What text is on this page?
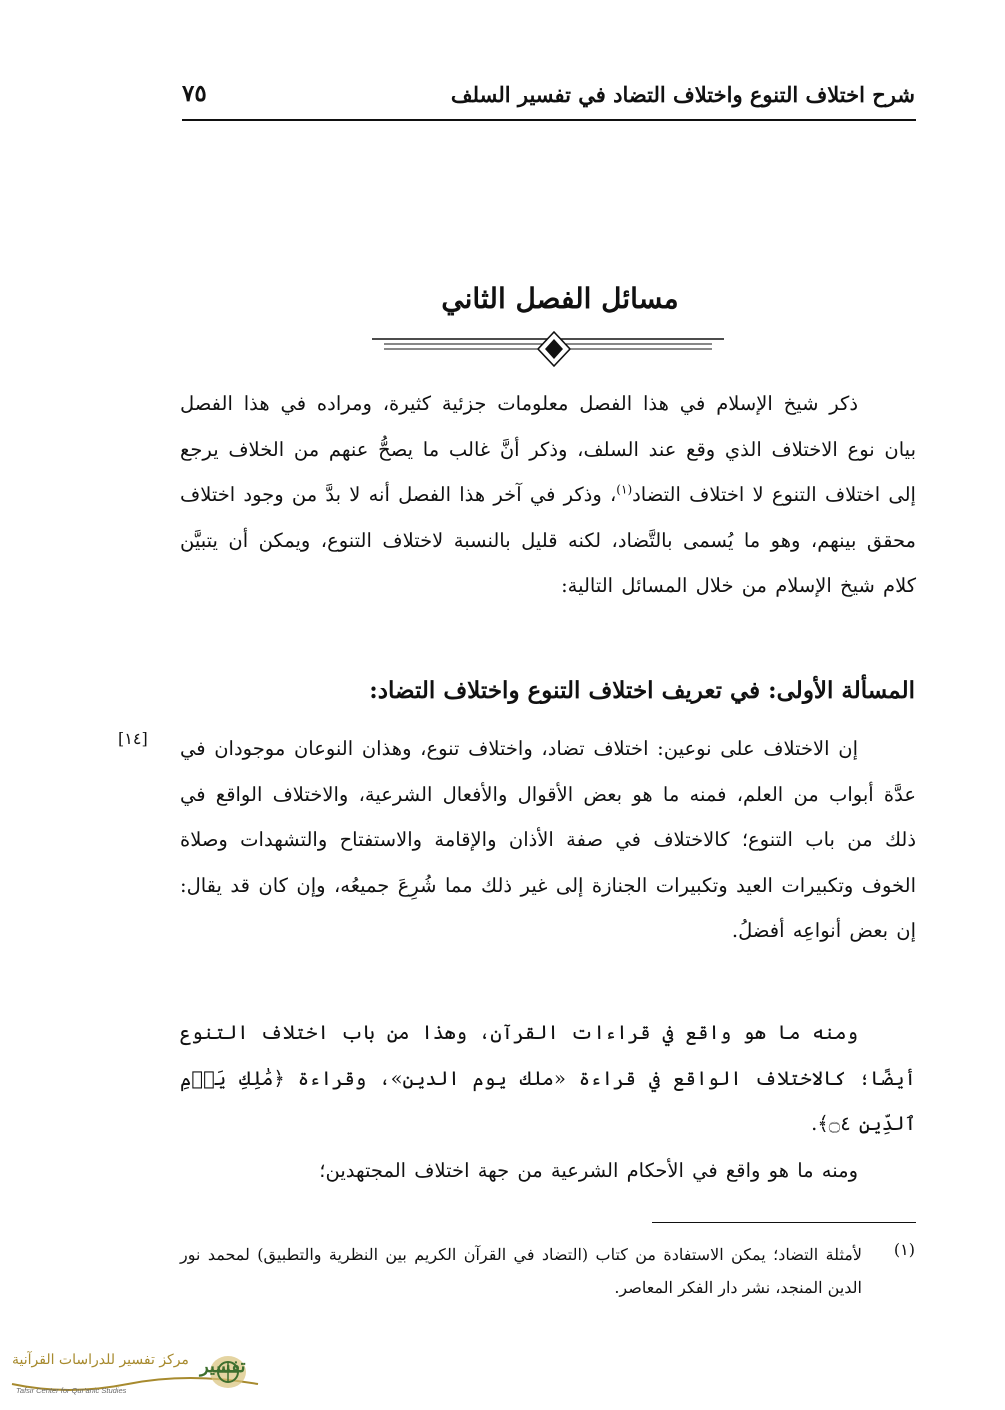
شرح اختلاف التنوع واختلاف التضاد في تفسير السلف
٧٥
مسائل الفصل الثاني
ذكر شيخ الإسلام في هذا الفصل معلومات جزئية كثيرة، ومراده في هذا الفصل بيان نوع الاختلاف الذي وقع عند السلف، وذكر أنَّ غالب ما يصحُّ عنهم من الخلاف يرجع إلى اختلاف التنوع لا اختلاف التضاد$^{(١)}$، وذكر في آخر هذا الفصل أنه لا بدَّ من وجود اختلاف محقق بينهم، وهو ما يُسمى بالتَّضاد، لكنه قليل بالنسبة لاختلاف التنوع، ويمكن أن يتبيَّن كلام شيخ الإسلام من خلال المسائل التالية:
المسألة الأولى: في تعريف اختلاف التنوع واختلاف التضاد:
[١٤] إن الاختلاف على نوعين: اختلاف تضاد، واختلاف تنوع، وهذان النوعان موجودان في عدَّة أبواب من العلم، فمنه ما هو بعض الأقوال والأفعال الشرعية، والاختلاف الواقع في ذلك من باب التنوع؛ كالاختلاف في صفة الأذان والإقامة والاستفتاح والتشهدات وصلاة الخوف وتكبيرات العيد وتكبيرات الجنازة إلى غير ذلك مما شُرِعَ جميعُه، وإن كان قد يقال: إن بعض أنواعِه أفضلُ.
ومنه ما هو واقع في قراءات القرآن، وهذا من باب اختلاف التنوع أيضًا؛ كالاختلاف الواقع في قراءة «ملك يوم الدين»، وقراءة ﴿مَٰلِكِ يَوۡمِ ٱلدِّينِ ۝٤﴾.
ومنه ما هو واقع في الأحكام الشرعية من جهة اختلاف المجتهدين؛
(١)
لأمثلة التضاد؛ يمكن الاستفادة من كتاب (التضاد في القرآن الكريم بين النظرية والتطبيق) لمحمد نور الدين المنجد، نشر دار الفكر المعاصر.
مركز تفسير للدراسات القرآنية تفسير
Tafsir Center for Qur'anic Studies
